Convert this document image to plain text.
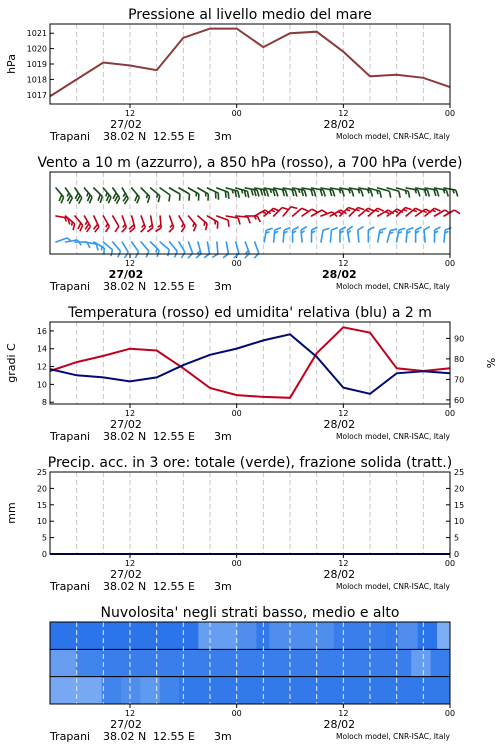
Pressione al livello medio del mare
12	00	12	00
27/02	28/02
Trapani 38.02 N 12.55 E 3m	Moloch model, CNR-ISAC, Italy
1017
1018
1019
1020
1021
hPa
Vento a 10 m (azzurro), a 850 hPa (rosso), a 700 hPa (verde)
12	00	12	00
27/02	28/02
Trapani 38.02 N 12.55 E 3m	Moloch model, CNR-ISAC, Italy
Temperatura (rosso) ed umidita' relativa (blu) a 2 m
12	00	12	00
27/02	28/02
Trapani 38.02 N 12.55 E 3m	Moloch model, CNR-ISAC, Italy
8
10
12
14
16
60
70
80
90
gradi C	%
Precip. acc. in 3 ore: totale (verde), frazione solida (tratt.)
12	00	12	00
27/02	28/02
Trapani 38.02 N 12.55 E 3m	Moloch model, CNR-ISAC, Italy
0
5
10
15
20
25
0
5
10
15
20
25
mm
Nuvolosita' negli strati basso, medio e alto
12	00	12	00
27/02	28/02
Trapani 38.02 N 12.55 E 3m	Moloch model, CNR-ISAC, Italy
